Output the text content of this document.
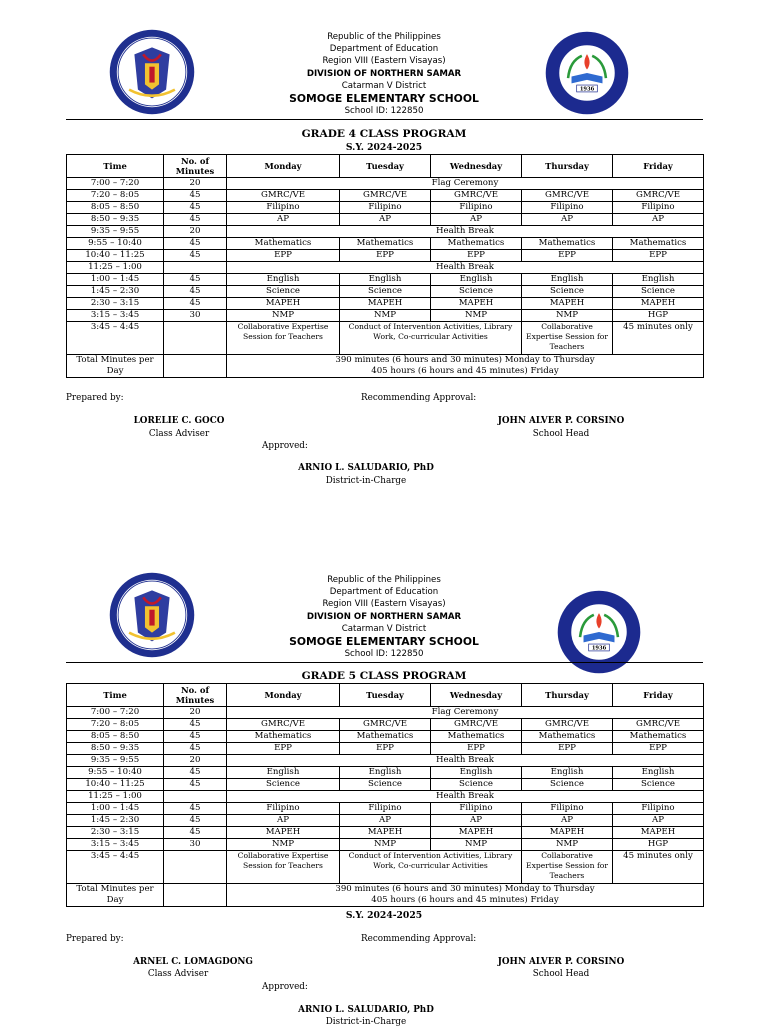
1936
Republic of the Philippines
Department of Education
Region VIII (Eastern Visayas)
DIVISION OF NORTHERN SAMAR
Catarman V District
SOMOGE ELEMENTARY SCHOOL
School ID: 122850
GRADE 4 CLASS PROGRAM
S.Y. 2024-2025
Time	No. of Minutes	Monday	Tuesday	Wednesday	Thursday	Friday
7:00 – 7:20	20	Flag Ceremony				
7:20 – 8:05	45	GMRC/VE	GMRC/VE	GMRC/VE	GMRC/VE	GMRC/VE
8:05 – 8:50	45	Filipino	Filipino	Filipino	Filipino	Filipino
8:50 – 9:35	45	AP	AP	AP	AP	AP
9:35 – 9:55	20	Health Break				
9:55 – 10:40	45	Mathematics	Mathematics	Mathematics	Mathematics	Mathematics
10:40 – 11:25	45	EPP	EPP	EPP	EPP	EPP
11:25 – 1:00		Health Break				
1:00 – 1:45	45	English	English	English	English	English
1:45 – 2:30	45	Science	Science	Science	Science	Science
2:30 – 3:15	45	MAPEH	MAPEH	MAPEH	MAPEH	MAPEH
3:15 – 3:45	30	NMP	NMP	NMP	NMP	HGP
3:45 – 4:45		Collaborative Expertise Session for Teachers	Conduct of Intervention Activities, Library Work, Co-curricular Activities		Collaborative Expertise Session for Teachers	45 minutes only
Total Minutes per Day		390 minutes (6 hours and 30 minutes) Monday to Thursday
405 hours (6 hours and 45 minutes) Friday				
Prepared by:	Recommending Approval:
LORELIE C. GOCO
Class Adviser
JOHN ALVER P. CORSINO
School Head
Approved:
ARNIO L. SALUDARIO, PhD
District-in-Charge
1936
Republic of the Philippines
Department of Education
Region VIII (Eastern Visayas)
DIVISION OF NORTHERN SAMAR
Catarman V District
SOMOGE ELEMENTARY SCHOOL
School ID: 122850
GRADE 5 CLASS PROGRAM
Time	No. of Minutes	Monday	Tuesday	Wednesday	Thursday	Friday
7:00 – 7:20	20	Flag Ceremony				
7:20 – 8:05	45	GMRC/VE	GMRC/VE	GMRC/VE	GMRC/VE	GMRC/VE
8:05 – 8:50	45	Mathematics	Mathematics	Mathematics	Mathematics	Mathematics
8:50 – 9:35	45	EPP	EPP	EPP	EPP	EPP
9:35 – 9:55	20	Health Break				
9:55 – 10:40	45	English	English	English	English	English
10:40 – 11:25	45	Science	Science	Science	Science	Science
11:25 – 1:00		Health Break				
1:00 – 1:45	45	Filipino	Filipino	Filipino	Filipino	Filipino
1:45 – 2:30	45	AP	AP	AP	AP	AP
2:30 – 3:15	45	MAPEH	MAPEH	MAPEH	MAPEH	MAPEH
3:15 – 3:45	30	NMP	NMP	NMP	NMP	HGP
3:45 – 4:45		Collaborative Expertise Session for Teachers	Conduct of Intervention Activities, Library Work, Co-curricular Activities		Collaborative Expertise Session for Teachers	45 minutes only
Total Minutes per Day		390 minutes (6 hours and 30 minutes) Monday to Thursday
405 hours (6 hours and 45 minutes) Friday				
S.Y. 2024-2025
Prepared by:	Recommending Approval:
ARNEL C. LOMAGDONG
Class Adviser
JOHN ALVER P. CORSINO
School Head
Approved:
ARNIO L. SALUDARIO, PhD
District-in-Charge
